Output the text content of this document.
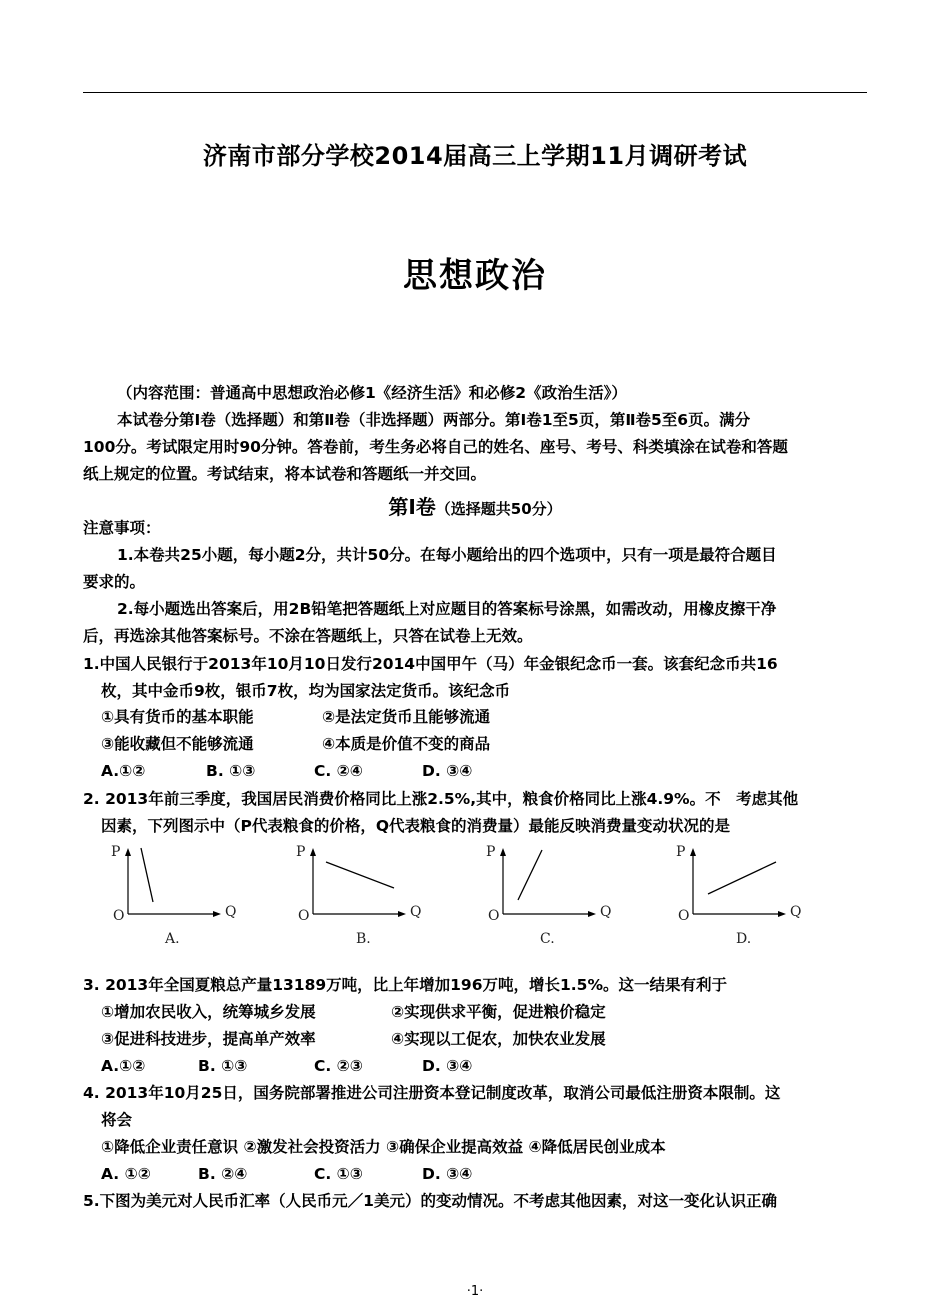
济南市部分学校2014届高三上学期11月调研考试
思想政治
（内容范围：普通高中思想政治必修1《经济生活》和必修2《政治生活》）
本试卷分第Ⅰ卷（选择题）和第Ⅱ卷（非选择题）两部分。第Ⅰ卷1至5页，第Ⅱ卷5至6页。满分
100分。考试限定用时90分钟。答卷前，考生务必将自己的姓名、座号、考号、科类填涂在试卷和答题
纸上规定的位置。考试结束，将本试卷和答题纸一并交回。
第Ⅰ卷（选择题共50分）
注意事项：
1.本卷共25小题，每小题2分，共计50分。在每小题给出的四个选项中，只有一项是最符合题目
要求的。
2.每小题选出答案后，用2B铅笔把答题纸上对应题目的答案标号涂黑，如需改动，用橡皮擦干净
后，再选涂其他答案标号。不涂在答题纸上，只答在试卷上无效。
1.中国人民银行于2013年10月10日发行2014中国甲午（马）年金银纪念币一套。该套纪念币共16
枚，其中金币9枚，银币7枚，均为国家法定货币。该纪念币
①具有货币的基本职能	②是法定货币且能够流通
③能收藏但不能够流通	④本质是价值不变的商品
A.①②	B. ①③	C. ②④	D. ③④
2. 2013年前三季度，我国居民消费价格同比上涨2.5%,其中，粮食价格同比上涨4.9%。不　考虑其他
因素，下列图示中（P代表粮食的价格，Q代表粮食的消费量）最能反映消费量变动状况的是
P
O	Q
A.
P
O	Q
B.
P
O	Q
C.
P
O	Q
D.
3. 2013年全国夏粮总产量13189万吨，比上年增加196万吨，增长1.5%。这一结果有利于
①增加农民收入，统筹城乡发展	②实现供求平衡，促进粮价稳定
③促进科技进步，提高单产效率	④实现以工促农，加快农业发展
A.①②	B. ①③	C. ②③	D. ③④
4. 2013年10月25日，国务院部署推进公司注册资本登记制度改革，取消公司最低注册资本限制。这
将会
①降低企业责任意识 ②激发社会投资活力 ③确保企业提高效益 ④降低居民创业成本
A. ①②	B. ②④	C. ①③	D. ③④
5.下图为美元对人民币汇率（人民币元／1美元）的变动情况。不考虑其他因素，对这一变化认识正确
·1·
